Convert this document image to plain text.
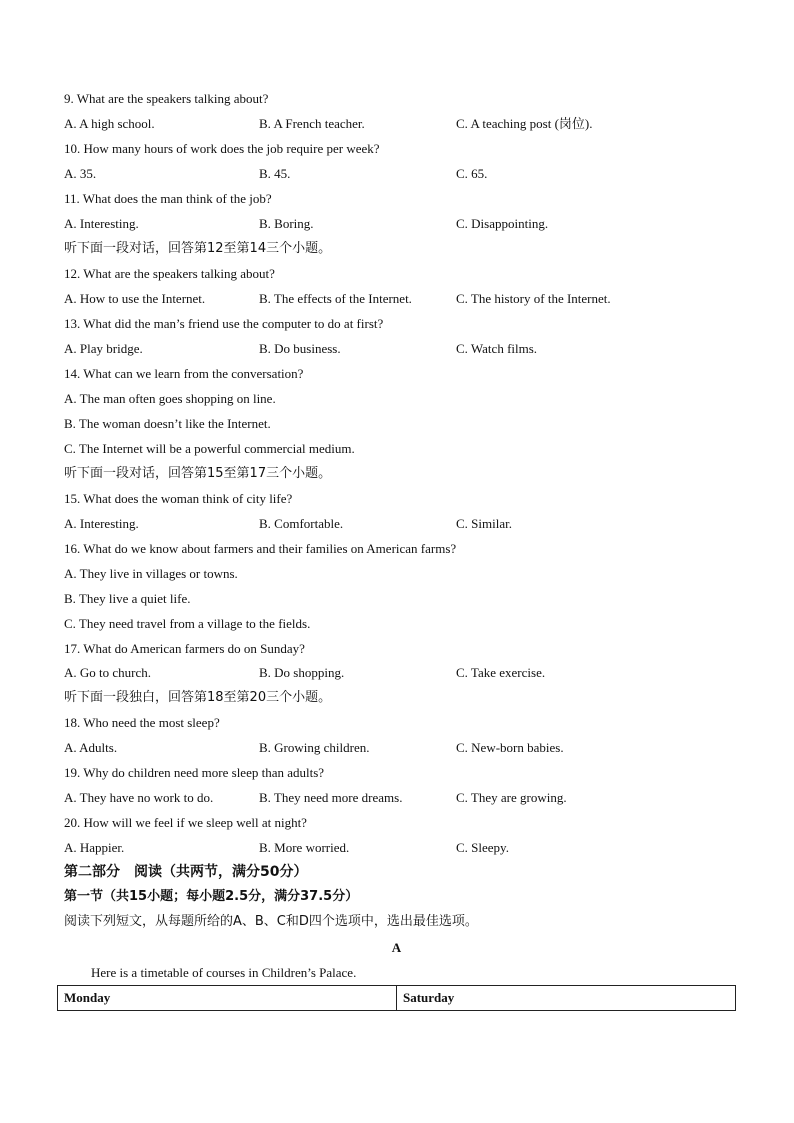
9. What are the speakers talking about?
A. A high school.	B. A French teacher.	C. A teaching post (岗位).
10. How many hours of work does the job require per week?
A. 35.	B. 45.	C. 65.
11. What does the man think of the job?
A. Interesting.	B. Boring.	C. Disappointing.
听下面一段对话，回答第12至第14三个小题。
12. What are the speakers talking about?
A. How to use the Internet.	B. The effects of the Internet.	C. The history of the Internet.
13. What did the man’s friend use the computer to do at first?
A. Play bridge.	B. Do business.	C. Watch films.
14. What can we learn from the conversation?
A. The man often goes shopping on line.
B. The woman doesn’t like the Internet.
C. The Internet will be a powerful commercial medium.
听下面一段对话，回答第15至第17三个小题。
15. What does the woman think of city life?
A. Interesting.	B. Comfortable.	C. Similar.
16. What do we know about farmers and their families on American farms?
A. They live in villages or towns.
B. They live a quiet life.
C. They need travel from a village to the fields.
17. What do American farmers do on Sunday?
A. Go to church.	B. Do shopping.	C. Take exercise.
听下面一段独白，回答第18至第20三个小题。
18. Who need the most sleep?
A. Adults.	B. Growing children.	C. New-born babies.
19. Why do children need more sleep than adults?
A. They have no work to do.	B. They need more dreams.	C. They are growing.
20. How will we feel if we sleep well at night?
A. Happier.	B. More worried.	C. Sleepy.
第二部分　阅读（共两节，满分50分）
第一节（共15小题；每小题2.5分，满分37.5分）
阅读下列短文，从每题所给的A、B、C和D四个选项中，选出最佳选项。
A
Here is a timetable of courses in Children’s Palace.
Monday	Saturday
